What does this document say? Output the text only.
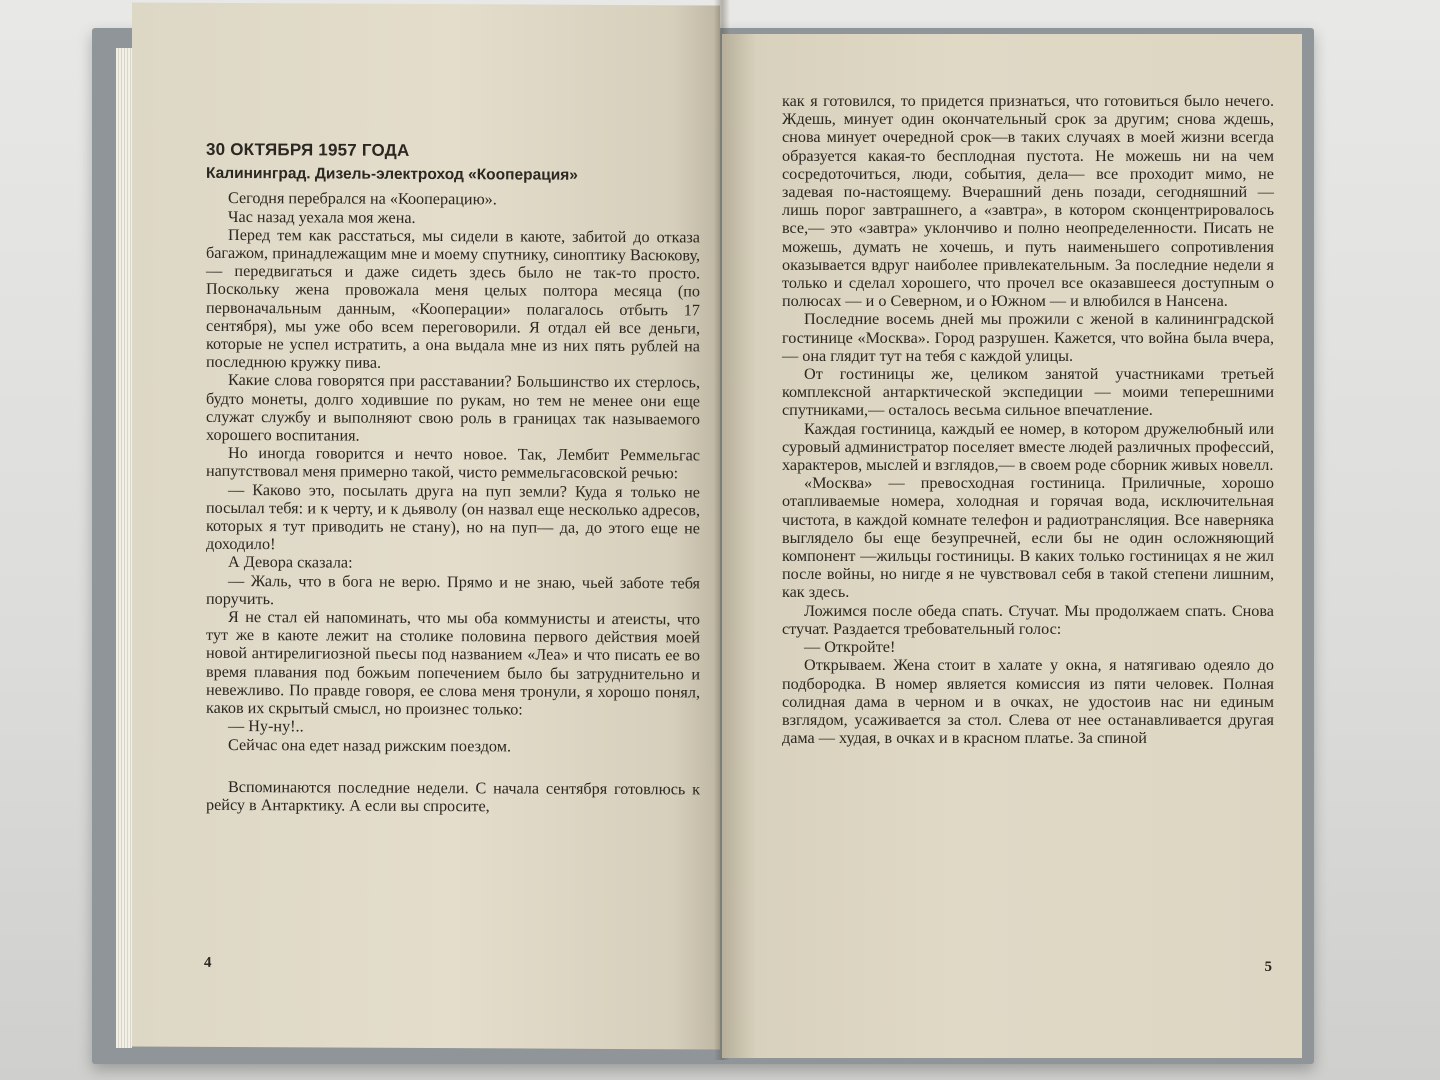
30 ОКТЯБРЯ 1957 ГОДА
Калининград. Дизель-электроход «Кооперация»

Сегодня перебрался на «Кооперацию».

Час назад уехала моя жена.

Перед тем как расстаться, мы сидели в каюте, забитой до отказа багажом, принадлежащим мне и моему спутнику, синоптику Васюкову,— передвигаться и даже сидеть здесь было не так-то просто. Поскольку жена провожала меня целых полтора месяца (по первоначальным данным, «Кооперации» полагалось отбыть 17 сентября), мы уже обо всем переговорили. Я отдал ей все деньги, которые не успел истратить, а она выдала мне из них пять рублей на последнюю кружку пива.

Какие слова говорятся при расставании? Большинство их стерлось, будто монеты, долго ходившие по рукам, но тем не менее они еще служат службу и выполняют свою роль в границах так называемого хорошего воспитания.

Но иногда говорится и нечто новое. Так, Лембит Реммельгас напутствовал меня примерно такой, чисто реммельгасовской речью:

— Каково это, посылать друга на пуп земли? Куда я только не посылал тебя: и к черту, и к дьяволу (он назвал еще несколько адресов, которых я тут приводить не стану), но на пуп— да, до этого еще не доходило!

А Девора сказала:

— Жаль, что в бога не верю. Прямо и не знаю, чьей заботе тебя поручить.

Я не стал ей напоминать, что мы оба коммунисты и атеисты, что тут же в каюте лежит на столике половина первого действия моей новой антирелигиозной пьесы под названием «Леа» и что писать ее во время плавания под божьим попечением было бы затруднительно и невежливо. По правде говоря, ее слова меня тронули, я хорошо понял, каков их скрытый смысл, но произнес только:

— Ну-ну!..

Сейчас она едет назад рижским поездом.

Вспоминаются последние недели. С начала сентября готовлюсь к рейсу в Антарктику. А если вы спросите,

4

как я готовился, то придется признаться, что готовиться было нечего. Ждешь, минует один окончательный срок за другим; снова ждешь, снова минует очередной срок—в таких случаях в моей жизни всегда образуется какая-то бесплодная пустота. Не можешь ни на чем сосредоточиться, люди, события, дела— все проходит мимо, не задевая по-настоящему. Вчерашний день позади, сегодняшний — лишь порог завтрашнего, а «завтра», в котором сконцентрировалось все,— это «завтра» уклончиво и полно неопределенности. Писать не можешь, думать не хочешь, и путь наименьшего сопротивления оказывается вдруг наиболее привлекательным. За последние недели я только и сделал хорошего, что прочел все оказавшееся доступным о полюсах — и о Северном, и о Южном — и влюбился в Нансена.

Последние восемь дней мы прожили с женой в калининградской гостинице «Москва». Город разрушен. Кажется, что война была вчера,— она глядит тут на тебя с каждой улицы.

От гостиницы же, целиком занятой участниками третьей комплексной антарктической экспедиции — моими теперешними спутниками,— осталось весьма сильное впечатление.

Каждая гостиница, каждый ее номер, в котором дружелюбный или суровый администратор поселяет вместе людей различных профессий, характеров, мыслей и взглядов,— в своем роде сборник живых новелл.

«Москва» — превосходная гостиница. Приличные, хорошо отапливаемые номера, холодная и горячая вода, исключительная чистота, в каждой комнате телефон и радиотрансляция. Все наверняка выглядело бы еще безупречней, если бы не один осложняющий компонент —жильцы гостиницы. В каких только гостиницах я не жил после войны, но нигде я не чувствовал себя в такой степени лишним, как здесь.

Ложимся после обеда спать. Стучат. Мы продолжаем спать. Снова стучат. Раздается требовательный голос:

— Откройте!

Открываем. Жена стоит в халате у окна, я натягиваю одеяло до подбородка. В номер является комиссия из пяти человек. Полная солидная дама в черном и в очках, не удостоив нас ни единым взглядом, усаживается за стол. Слева от нее останавливается другая дама — худая, в очках и в красном платье. За спиной

5
